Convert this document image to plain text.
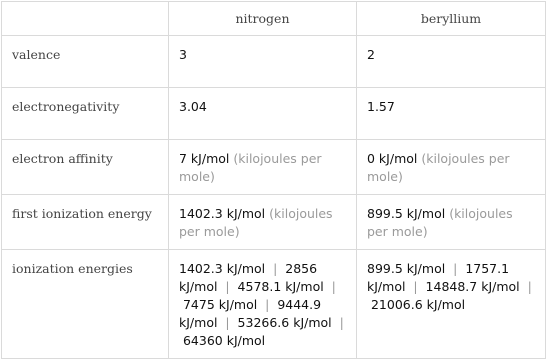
	nitrogen	beryllium
valence	3	2
electronegativity	3.04	1.57
electron affinity	7 kJ/mol (kilojoules per mole)	0 kJ/mol (kilojoules per mole)
first ionization energy	1402.3 kJ/mol (kilojoules per mole)	899.5 kJ/mol (kilojoules per mole)
ionization energies	1402.3 kJ/mol  |  2856 kJ/mol  |  4578.1 kJ/mol  |  7475 kJ/mol  |  9444.9 kJ/mol  |  53266.6 kJ/mol  |  64360 kJ/mol	899.5 kJ/mol  |  1757.1 kJ/mol  |  14848.7 kJ/mol  |  21006.6 kJ/mol
